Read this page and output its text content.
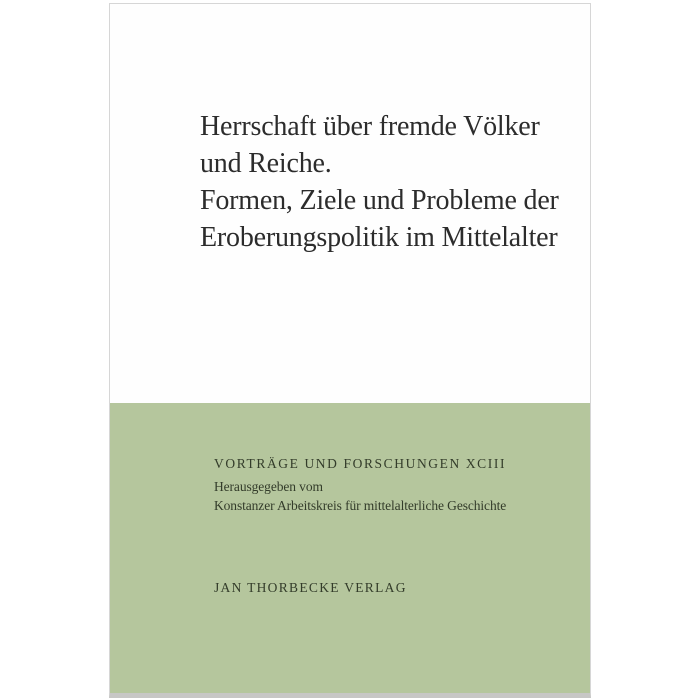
Herrschaft über fremde Völker
und Reiche.
Formen, Ziele und Probleme der
Eroberungspolitik im Mittelalter
VORTRÄGE UND FORSCHUNGEN XCIII
Herausgegeben vom
Konstanzer Arbeitskreis für mittelalterliche Geschichte
JAN THORBECKE VERLAG
